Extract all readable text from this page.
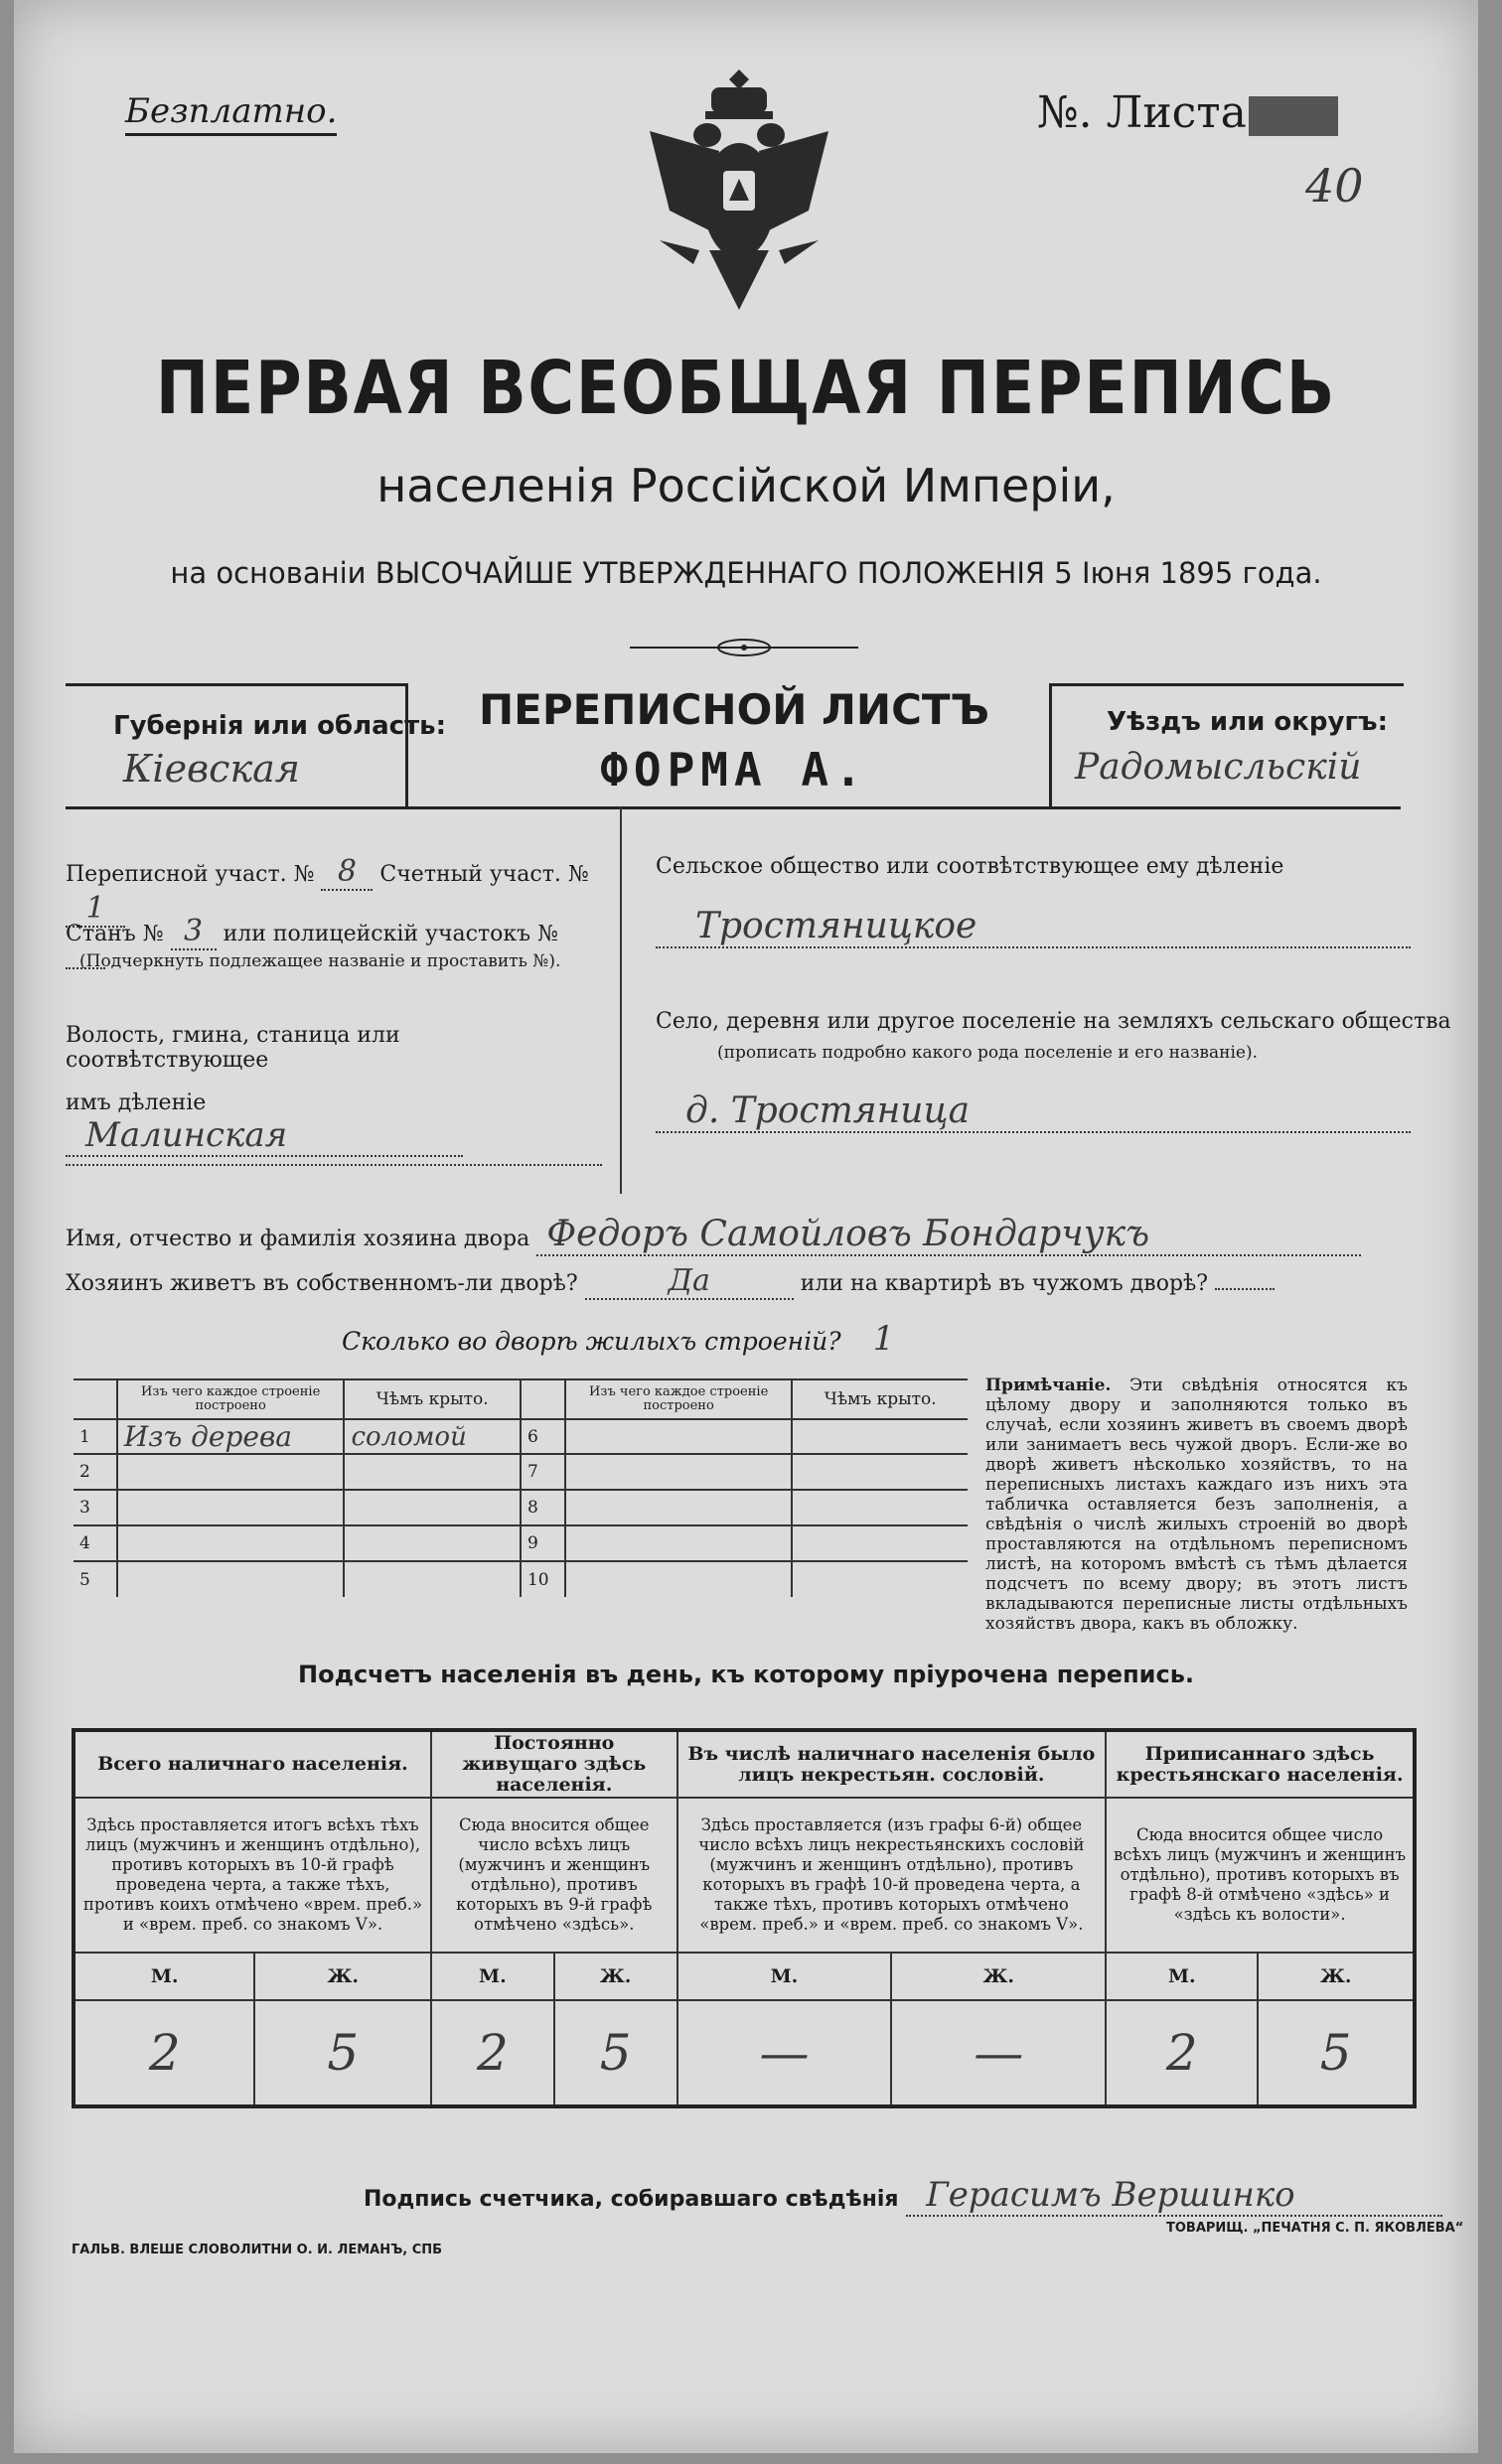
Безплатно.	№. Листа
40
ПЕРВАЯ ВСЕОБЩАЯ ПЕРЕПИСЬ
населенія Россійской Имперіи,
на основаніи ВЫСОЧАЙШЕ УТВЕРЖДЕННАГО ПОЛОЖЕНІЯ 5 Іюня 1895 года.
Губернія или область:
Кіевская
ПЕРЕПИСНОЙ ЛИСТЪ
ФОРМА А.
Уѣздъ или округъ:
Радомысльскій
Переписной участ. № 8 Счетный участ. № 1
Станъ № 3 или полицейскій участокъ №
(Подчеркнуть подлежащее названіе и проставить №).
Волость, гмина, станица или соотвѣтствующее
имъ дѣленіе Малинская
Сельское общество или соотвѣтствующее ему дѣленіе
Тростяницкое
Село, деревня или другое поселеніе на земляхъ сельскаго общества
(прописать подробно какого рода поселеніе и его названіе).
д. Тростяница
Имя, отчество и фамилія хозяина двора Федоръ Самойловъ Бондарчукъ
Хозяинъ живетъ въ собственномъ-ли дворѣ?	Да	или на квартирѣ въ чужомъ дворѣ?
Сколько во дворѣ жилыхъ строеній? 1
	Изъ чего каждое строеніе построено	Чѣмъ крыто.		Изъ чего каждое строеніе построено	Чѣмъ крыто.
1	Изъ дерева	соломой	6		
2			7		
3			8		
4			9		
5			10		
Примѣчаніе. Эти свѣдѣнія относятся къ цѣлому двору и заполняются только въ случаѣ, если хозяинъ живетъ въ своемъ дворѣ или занимаетъ весь чужой дворъ. Если-же во дворѣ живетъ нѣсколько хозяйствъ, то на переписныхъ листахъ каждаго изъ нихъ эта табличка оставляется безъ заполненія, а свѣдѣнія о числѣ жилыхъ строеній во дворѣ проставляются на отдѣльномъ переписномъ листѣ, на которомъ вмѣстѣ съ тѣмъ дѣлается подсчетъ по всему двору; въ этотъ листъ вкладываются переписные листы отдѣльныхъ хозяйствъ двора, какъ въ обложку.
Подсчетъ населенія въ день, къ которому пріурочена перепись.
Всего наличнаго населенія.		Постоянно живущаго здѣсь населенія.		Въ числѣ наличнаго населенія было лицъ некрестьян. сословій.		Приписаннаго здѣсь крестьянскаго населенія.	
Здѣсь проставляется итогъ всѣхъ тѣхъ лицъ (мужчинъ и женщинъ отдѣльно), противъ которыхъ въ 10-й графѣ проведена черта, а также тѣхъ, противъ коихъ отмѣчено «врем. преб.» и «врем. преб. со знакомъ V».		Сюда вносится общее число всѣхъ лицъ (мужчинъ и женщинъ отдѣльно), противъ которыхъ въ 9-й графѣ отмѣчено «здѣсь».		Здѣсь проставляется (изъ графы 6-й) общее число всѣхъ лицъ некрестьянскихъ сословій (мужчинъ и женщинъ отдѣльно), противъ которыхъ въ графѣ 10-й проведена черта, а также тѣхъ, противъ которыхъ отмѣчено «врем. преб.» и «врем. преб. со знакомъ V».		Сюда вносится общее число всѣхъ лицъ (мужчинъ и женщинъ отдѣльно), противъ которыхъ въ графѣ 8-й отмѣчено «здѣсь» и «здѣсь къ волости».	
М.	Ж.	М.	Ж.	М.	Ж.	М.	Ж.
2	5	2	5	—	—	2	5
Подпись счетчика, собиравшаго свѣдѣнія Герасимъ Вершинко
ГАЛЬВ. ВЛЕШЕ СЛОВОЛИТНИ О. И. ЛЕМАНЪ, СПБ
ТОВАРИЩ. „ПЕЧАТНЯ С. П. ЯКОВЛЕВА“
